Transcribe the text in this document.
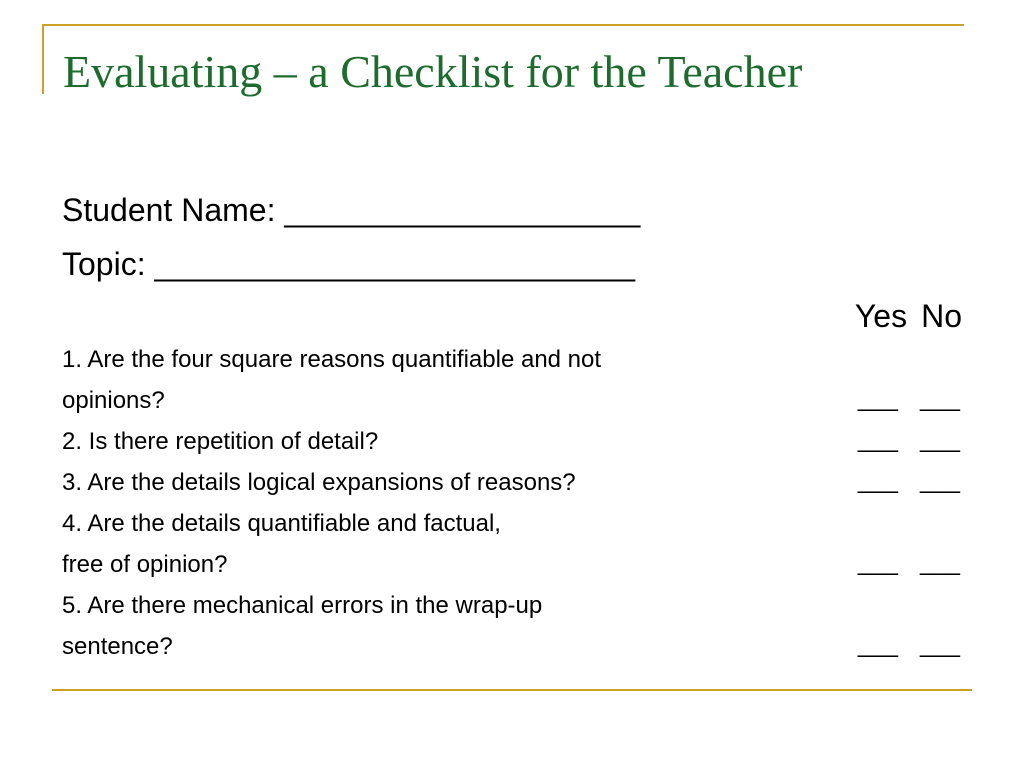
Evaluating – a Checklist for the Teacher
Student Name: ____________________
Topic: ___________________________
Yes No
1. Are the four square reasons quantifiable and not
opinions?	___ ___
2. Is there repetition of detail?	___ ___
3. Are the details logical expansions of reasons?	___ ___
4. Are the details quantifiable and factual,
free of opinion?	___ ___
5. Are there mechanical errors in the wrap-up
sentence?	___ ___
